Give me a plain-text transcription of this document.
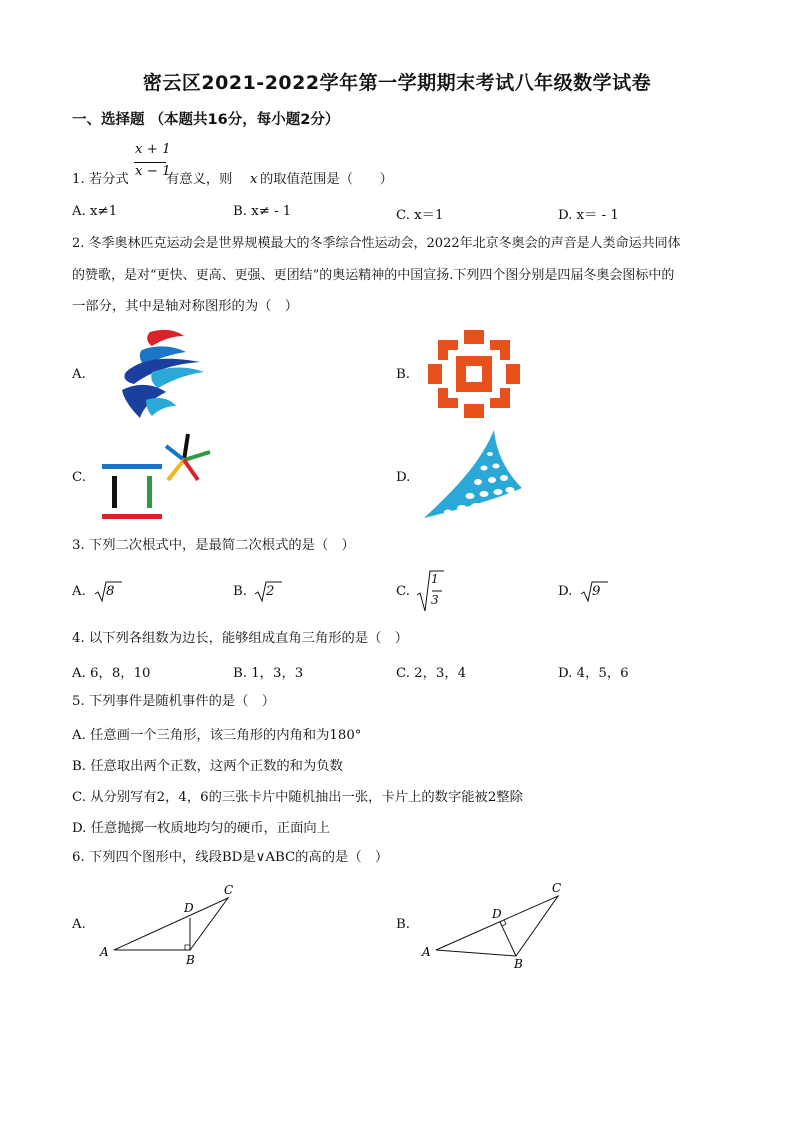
密云区2021-2022学年第一学期期末考试八年级数学试卷
一、选择题 （本题共16分，每小题2分）
x + 1
x − 1
1. 若分式	有意义，则 x 的取值范围是（　　）
A. x≠1	B. x≠ - 1	C. x＝1	D. x＝ - 1
2. 冬季奥林匹克运动会是世界规模最大的冬季综合性运动会，2022年北京冬奥会的声音是人类命运共同体
的赞歌，是对“更快、更高、更强、更团结”的奥运精神的中国宣扬.下列四个图分别是四届冬奥会图标中的
一部分，其中是轴对称图形的为（　）
A.	B.
C.	D.
3. 下列二次根式中，是最简二次根式的是（　）
A. 8	B. 2	C.
1
3
D. 9
4. 以下列各组数为边长，能够组成直角三角形的是（　）
A. 6，8，10	B. 1，3，3	C. 2，3，4	D. 4，5，6
5. 下列事件是随机事件的是（　）
A. 任意画一个三角形，该三角形的内角和为180°
B. 任意取出两个正数，这两个正数的和为负数
C. 从分别写有2，4，6的三张卡片中随机抽出一张，卡片上的数字能被2整除
D. 任意抛掷一枚质地均匀的硬币，正面向上
6. 下列四个图形中，线段BD是∨ABC的高的是（　）
A.
A
B
C
D
B.
A
B
C
D
